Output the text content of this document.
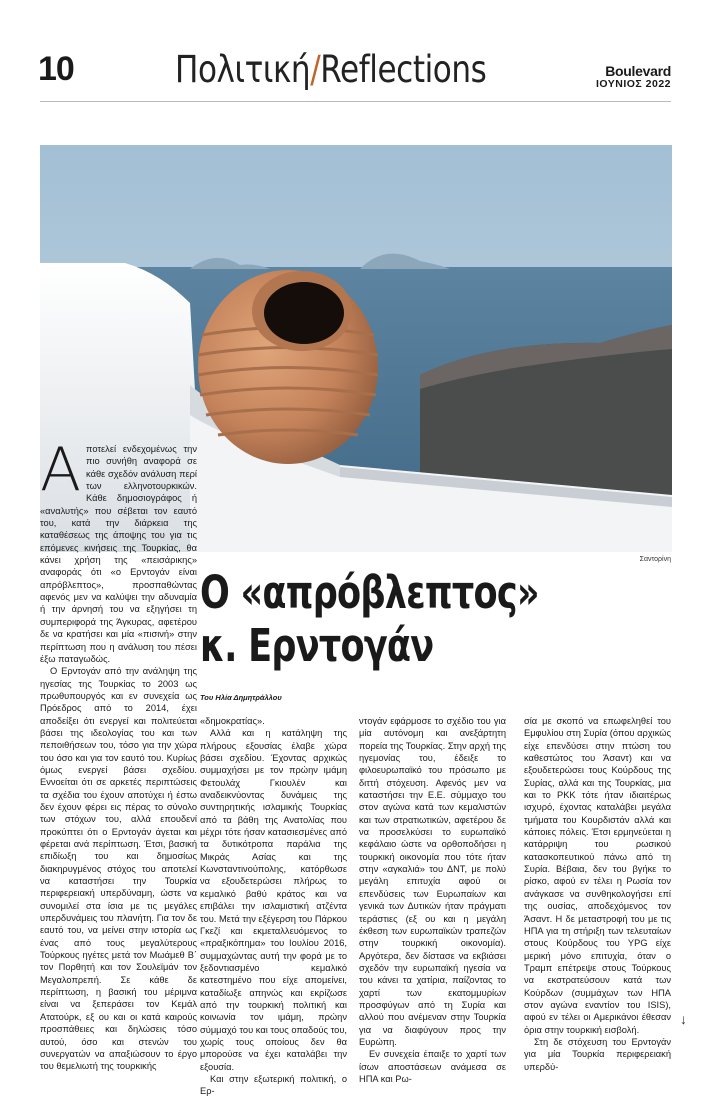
10	Πολιτική/Reflections	Boulevard
ΙΟΥΝΙΟΣ 2022
Σαντορίνη

Αποτελεί ενδεχομένως την πιο συνήθη αναφορά σε κάθε σχεδόν ανάλυση περί των ελληνοτουρκικών. Κάθε δημοσιογράφος ή «αναλυτής» που σέβεται τον εαυτό του, κατά την διάρκεια της καταθέσεως της άποψης του για τις επόμενες κινήσεις της Τουρκίας, θα κάνει χρήση της «πεισάρικης» αναφοράς ότι «ο Ερντογάν είναι απρόβλεπτος», προσπαθώντας αφενός μεν να καλύψει την αδυναμία ή την άρνησή του να εξηγήσει τη συμπεριφορά της Άγκυρας, αφετέρου δε να κρατήσει και μία «πισινή» στην περίπτωση που η ανάλυση του πέσει έξω παταγωδώς.

Ο Ερντογάν από την ανάληψη της ηγεσίας της Τουρκίας το 2003 ως πρωθυπουργός και εν συνεχεία ως Πρόεδρος από το 2014, έχει αποδείξει ότι ενεργεί και πολιτεύεται βάσει της ιδεολογίας του και των πεποιθήσεων του, τόσο για την χώρα του όσο και για τον εαυτό του. Κυρίως όμως ενεργεί βάσει σχεδίου. Εννοείται ότι σε αρκετές περιπτώσεις τα σχέδια του έχουν αποτύχει ή έστω δεν έχουν φέρει εις πέρας το σύνολο των στόχων του, αλλά επουδενί προκύπτει ότι ο Ερντογάν άγεται και φέρεται ανά περίπτωση. Έτσι, βασική επιδίωξη του και δημοσίως διακηρυγμένος στόχος του αποτελεί να καταστήσει την Τουρκία περιφερειακή υπερδύναμη, ώστε να συνομιλεί στα ίσια με τις μεγάλες υπερδυνάμεις του πλανήτη. Για τον δε εαυτό του, να μείνει στην ιστορία ως ένας από τους μεγαλύτερους Τούρκους ηγέτες μετά τον Μωάμεθ Β΄ τον Πορθητή και τον Σουλεϊμάν τον Μεγαλοπρεπή. Σε κάθε δε περίπτωση, η βασική του μέριμνα είναι να ξεπεράσει τον Κεμάλ Ατατούρκ, εξ ου και οι κατά καιρούς προσπάθειες και δηλώσεις τόσο αυτού, όσο και στενών του συνεργατών να απαξιώσουν το έργο του θεμελιωτή της τουρκικής

Ο «απρόβλεπτος»
κ. Ερντογάν
Του Ηλία Δημητράλλου

«δημοκρατίας».

Αλλά και η κατάληψη της πλήρους εξουσίας έλαβε χώρα βάσει σχεδίου. Έχοντας αρχικώς συμμαχήσει με τον πρώην ιμάμη Φετουλάχ Γκιουλέν και αναδεικνύοντας δυνάμεις της συντηρητικής ισλαμικής Τουρκίας από τα βάθη της Ανατολίας που μέχρι τότε ήσαν κατασιεσμένες από τα δυτικότροπα παράλια της Μικράς Ασίας και της Κωνσταντινούπολης, κατόρθωσε να εξουδετερώσει πλήρως το κεμαλικό βαθύ κράτος και να επιβάλει την ισλαμιστική ατζέντα του. Μετά την εξέγερση του Πάρκου Γκεζί και εκμεταλλευόμενος το «πραξικόπημα» του Ιουλίου 2016, συμμαχώντας αυτή την φορά με το ξεδοντιασμένο κεμαλικό κατεστημένο που είχε απομείνει, καταδίωξε απηνώς και εκρίζωσε από την τουρκική πολιτική και κοινωνία τον ιμάμη, πρώην σύμμαχό του και τους οπαδούς του, χωρίς τους οποίους δεν θα μπορούσε να έχει καταλάβει την εξουσία.

Και στην εξωτερική πολιτική, ο Ερ-

ντογάν εφάρμοσε το σχέδιο του για μία αυτόνομη και ανεξάρτητη πορεία της Τουρκίας. Στην αρχή της ηγεμονίας του, έδειξε το φιλοευρωπαϊκό του πρόσωπο με διττή στόχευση. Αφενός μεν να καταστήσει την Ε.Ε. σύμμαχο του στον αγώνα κατά των κεμαλιστών και των στρατιωτικών, αφετέρου δε να προσελκύσει το ευρωπαϊκό κεφάλαιο ώστε να ορθοποδήσει η τουρκική οικονομία που τότε ήταν στην «αγκαλιά» του ΔΝΤ, με πολύ μεγάλη επιτυχία αφού οι επενδύσεις των Ευρωπαίων και γενικά των Δυτικών ήταν πράγματι τεράστιες (εξ ου και η μεγάλη έκθεση των ευρωπαϊκών τραπεζών στην τουρκική οικονομία). Αργότερα, δεν δίστασε να εκβιάσει σχεδόν την ευρωπαϊκή ηγεσία να του κάνει τα χατίρια, παίζοντας το χαρτί των εκατομμυρίων προσφύγων από τη Συρία και αλλού που ανέμεναν στην Τουρκία για να διαφύγουν προς την Ευρώπη.

Εν συνεχεία έπαιξε το χαρτί των ίσων αποστάσεων ανάμεσα σε ΗΠΑ και Ρω-

σία με σκοπό να επωφεληθεί του Εμφυλίου στη Συρία (όπου αρχικώς είχε επενδύσει στην πτώση του καθεστώτος του Άσαντ) και να εξουδετερώσει τους Κούρδους της Συρίας, αλλά και της Τουρκίας, μια και το ΡΚΚ τότε ήταν ιδιαιτέρως ισχυρό, έχοντας καταλάβει μεγάλα τμήματα του Κουρδιστάν αλλά και κάποιες πόλεις. Έτσι ερμηνεύεται η κατάρριψη του ρωσικού κατασκοπευτικού πάνω από τη Συρία. Βέβαια, δεν του βγήκε το ρίσκο, αφού εν τέλει η Ρωσία τον ανάγκασε να συνθηκολογήσει επί της ουσίας, αποδεχόμενος τον Άσαντ. Η δε μεταστροφή του με τις ΗΠΑ για τη στήριξη των τελευταίων στους Κούρδους του YPG είχε μερική μόνο επιτυχία, όταν ο Τραμπ επέτρεψε στους Τούρκους να εκστρατεύσουν κατά των Κούρδων (συμμάχων των ΗΠΑ στον αγώνα εναντίον του ISIS), αφού εν τέλει οι Αμερικάνοι έθεσαν όρια στην τουρκική εισβολή.

Στη δε στόχευση του Ερντογάν για μία Τουρκία περιφερειακή υπερδύ-

↓
